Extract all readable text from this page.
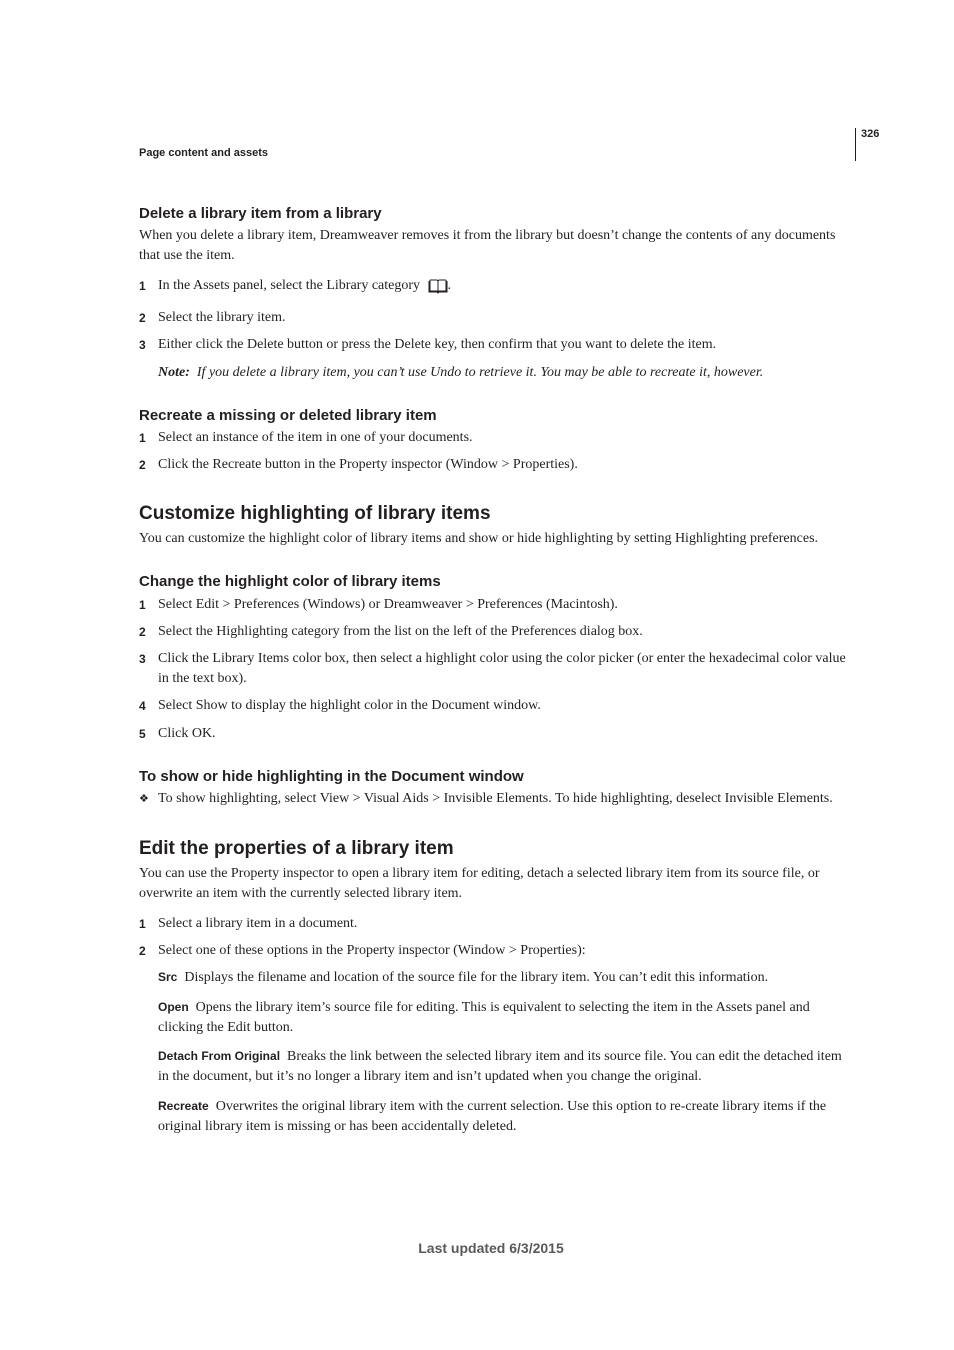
326
Page content and assets
Delete a library item from a library

When you delete a library item, Dreamweaver removes it from the library but doesn’t change the contents of any documents that use the item.

1 In the Assets panel, select the Library category .
2 Select the library item.
3 Either click the Delete button or press the Delete key, then confirm that you want to delete the item.
Note: If you delete a library item, you can’t use Undo to retrieve it. You may be able to recreate it, however.
Recreate a missing or deleted library item
1 Select an instance of the item in one of your documents.
2 Click the Recreate button in the Property inspector (Window > Properties).
Customize highlighting of library items

You can customize the highlight color of library items and show or hide highlighting by setting Highlighting preferences.

Change the highlight color of library items
1 Select Edit > Preferences (Windows) or Dreamweaver > Preferences (Macintosh).
2 Select the Highlighting category from the list on the left of the Preferences dialog box.
3 Click the Library Items color box, then select a highlight color using the color picker (or enter the hexadecimal color value in the text box).
4 Select Show to display the highlight color in the Document window.
5 Click OK.
To show or hide highlighting in the Document window
❖ To show highlighting, select View > Visual Aids > Invisible Elements. To hide highlighting, deselect Invisible Elements.
Edit the properties of a library item

You can use the Property inspector to open a library item for editing, detach a selected library item from its source file, or overwrite an item with the currently selected library item.

1 Select a library item in a document.
2 Select one of these options in the Property inspector (Window > Properties):
Src Displays the filename and location of the source file for the library item. You can’t edit this information.
Open Opens the library item’s source file for editing. This is equivalent to selecting the item in the Assets panel and clicking the Edit button.
Detach From Original Breaks the link between the selected library item and its source file. You can edit the detached item in the document, but it’s no longer a library item and isn’t updated when you change the original.
Recreate Overwrites the original library item with the current selection. Use this option to re-create library items if the original library item is missing or has been accidentally deleted.
Last updated 6/3/2015
